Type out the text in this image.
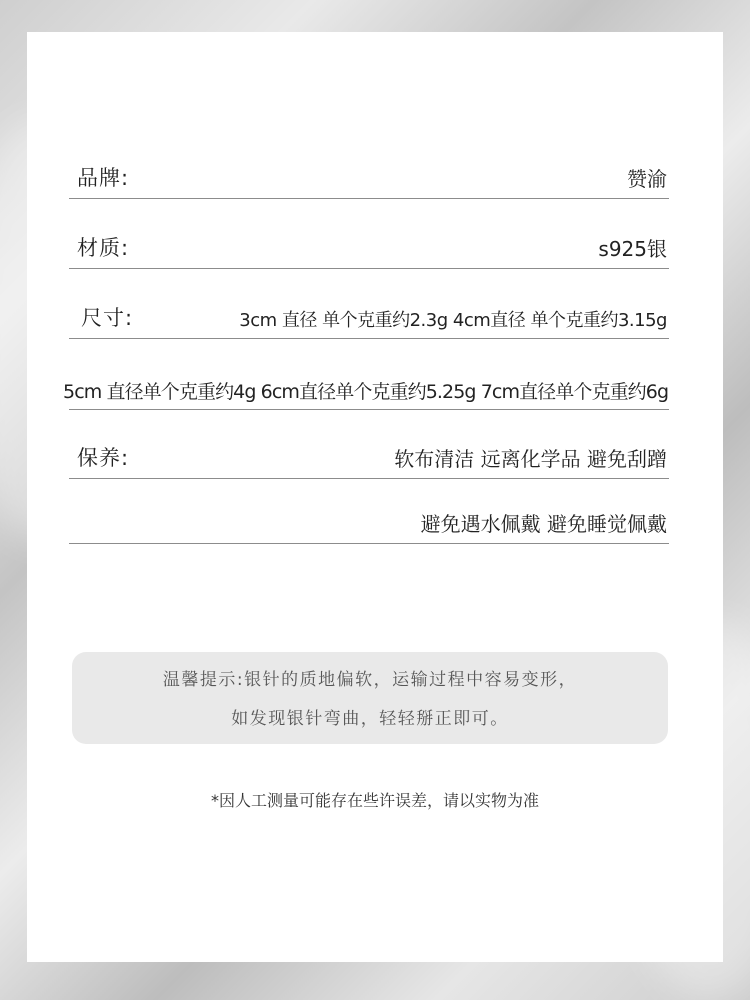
品牌:	赞渝
材质:	s925银
尺寸:	3cm 直径 单个克重约2.3g 4cm直径 单个克重约3.15g
5cm 直径单个克重约4g 6cm直径单个克重约5.25g 7cm直径单个克重约6g
保养:	软布清洁 远离化学品 避免刮蹭
避免遇水佩戴 避免睡觉佩戴
温馨提示:银针的质地偏软，运输过程中容易变形，
如发现银针弯曲，轻轻掰正即可。
*因人工测量可能存在些许误差，请以实物为准
